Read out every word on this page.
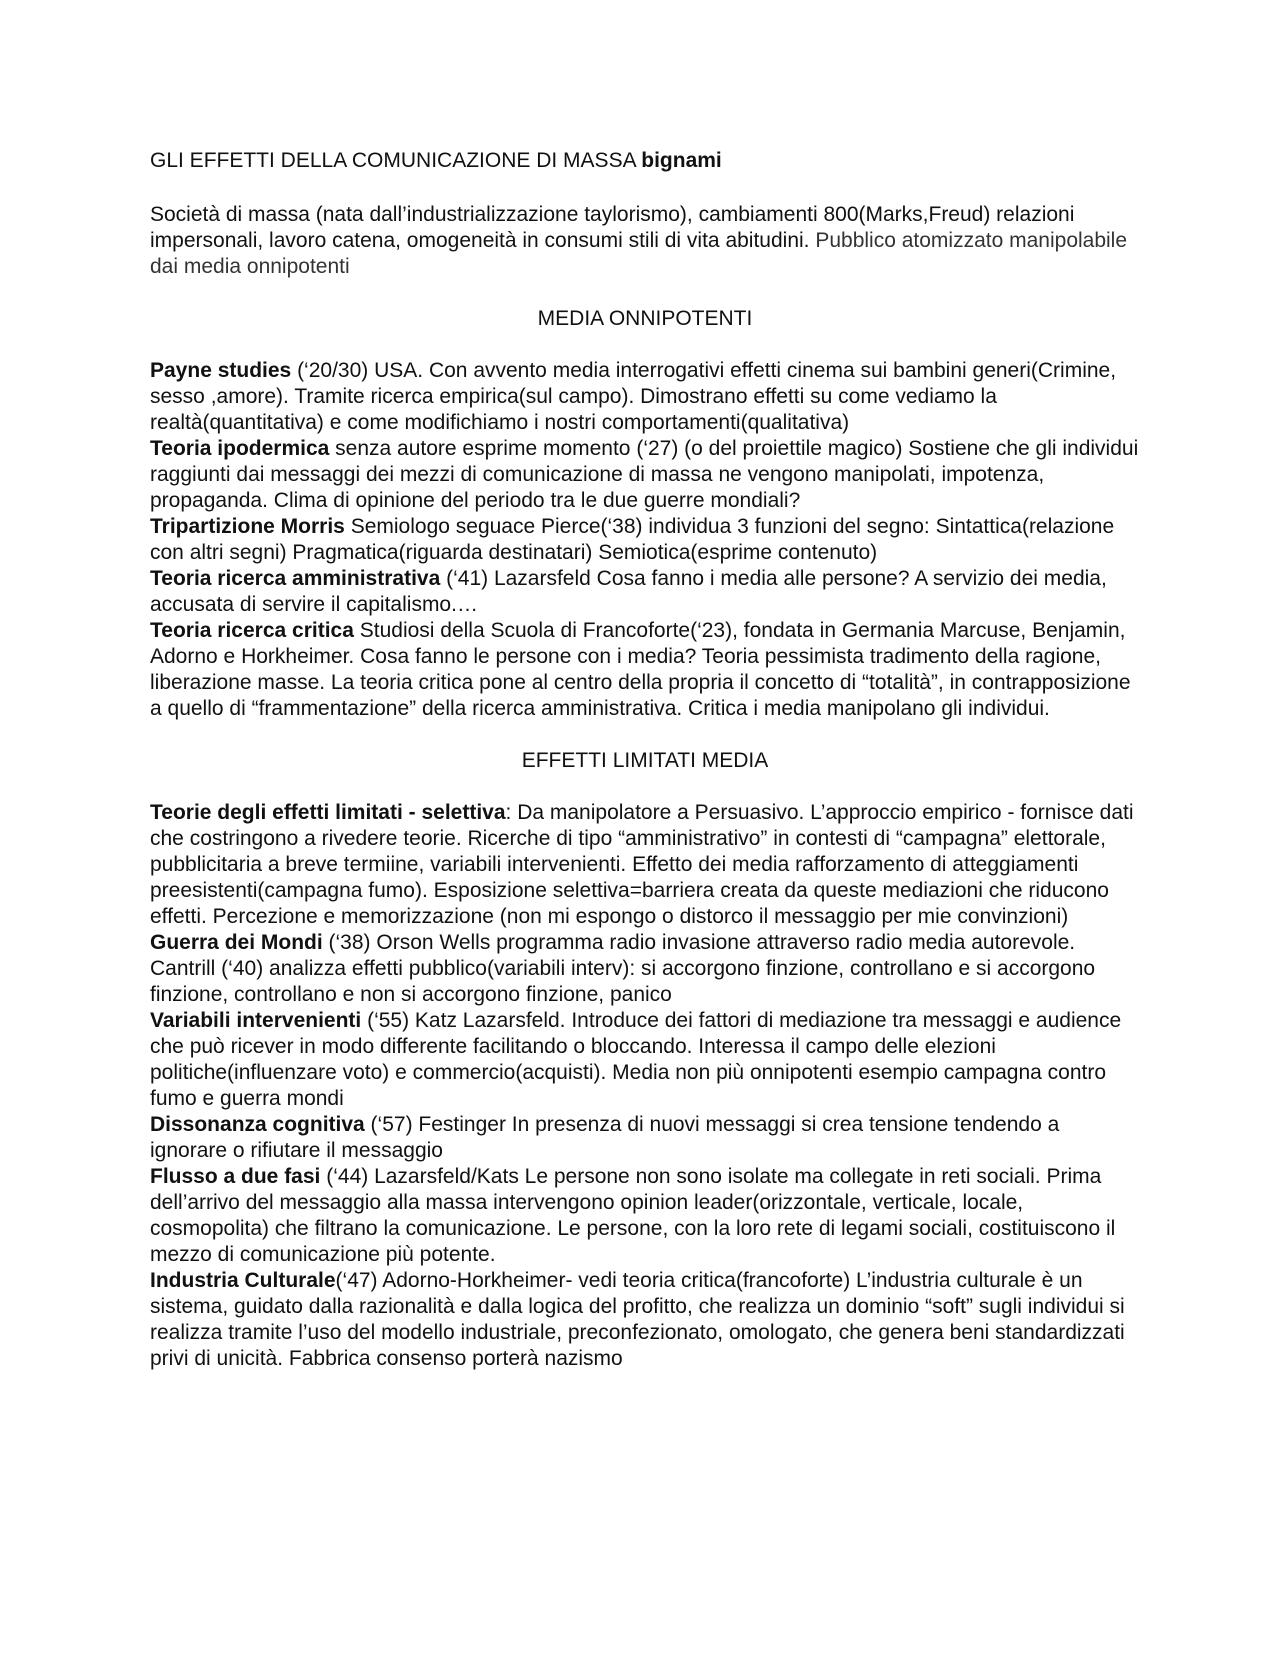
GLI EFFETTI DELLA COMUNICAZIONE DI MASSA bignami

Società di massa (nata dall’industrializzazione taylorismo), cambiamenti 800(Marks,Freud) relazioni impersonali, lavoro catena, omogeneità in consumi stili di vita abitudini. Pubblico atomizzato manipolabile dai media onnipotenti

MEDIA ONNIPOTENTI

Payne studies (‘20/30) USA. Con avvento media interrogativi effetti cinema sui bambini generi(Crimine, sesso ,amore). Tramite ricerca empirica(sul campo). Dimostrano effetti su come vediamo la realtà(quantitativa) e come modifichiamo i nostri comportamenti(qualitativa)

Teoria ipodermica senza autore esprime momento (‘27) (o del proiettile magico) Sostiene che gli individui raggiunti dai messaggi dei mezzi di comunicazione di massa ne vengono manipolati, impotenza, propaganda. Clima di opinione del periodo tra le due guerre mondiali?

Tripartizione Morris Semiologo seguace Pierce(‘38) individua 3 funzioni del segno: Sintattica(relazione con altri segni) Pragmatica(riguarda destinatari) Semiotica(esprime contenuto)

Teoria ricerca amministrativa (‘41) Lazarsfeld Cosa fanno i media alle persone? A servizio dei media, accusata di servire il capitalismo.…

Teoria ricerca critica Studiosi della Scuola di Francoforte(‘23), fondata in Germania Marcuse, Benjamin, Adorno e Horkheimer. Cosa fanno le persone con i media? Teoria pessimista tradimento della ragione, liberazione masse. La teoria critica pone al centro della propria il concetto di “totalità”, in contrapposizione a quello di “frammentazione” della ricerca amministrativa. Critica i media manipolano gli individui.

EFFETTI LIMITATI MEDIA

Teorie degli effetti limitati - selettiva: Da manipolatore a Persuasivo. L’approccio empirico - fornisce dati che costringono a rivedere teorie. Ricerche di tipo “amministrativo” in contesti di “campagna” elettorale, pubblicitaria a breve termiine, variabili intervenienti. Effetto dei media rafforzamento di atteggiamenti preesistenti(campagna fumo). Esposizione selettiva=barriera creata da queste mediazioni che riducono effetti. Percezione e memorizzazione (non mi espongo o distorco il messaggio per mie convinzioni)

Guerra dei Mondi (‘38) Orson Wells programma radio invasione attraverso radio media autorevole. Cantrill (‘40) analizza effetti pubblico(variabili interv): si accorgono finzione, controllano e si accorgono finzione, controllano e non si accorgono finzione, panico

Variabili intervenienti (‘55) Katz Lazarsfeld. Introduce dei fattori di mediazione tra messaggi e audience che può ricever in modo differente facilitando o bloccando. Interessa il campo delle elezioni politiche(influenzare voto) e commercio(acquisti). Media non più onnipotenti esempio campagna contro fumo e guerra mondi

Dissonanza cognitiva (‘57) Festinger In presenza di nuovi messaggi si crea tensione tendendo a ignorare o rifiutare il messaggio

Flusso a due fasi (‘44) Lazarsfeld/Kats Le persone non sono isolate ma collegate in reti sociali. Prima dell’arrivo del messaggio alla massa intervengono opinion leader(orizzontale, verticale, locale, cosmopolita) che filtrano la comunicazione. Le persone, con la loro rete di legami sociali, costituiscono il mezzo di comunicazione più potente.

Industria Culturale(‘47) Adorno-Horkheimer- vedi teoria critica(francoforte) L’industria culturale è un sistema, guidato dalla razionalità e dalla logica del profitto, che realizza un dominio “soft” sugli individui si realizza tramite l’uso del modello industriale, preconfezionato, omologato, che genera beni standardizzati privi di unicità. Fabbrica consenso porterà nazismo
